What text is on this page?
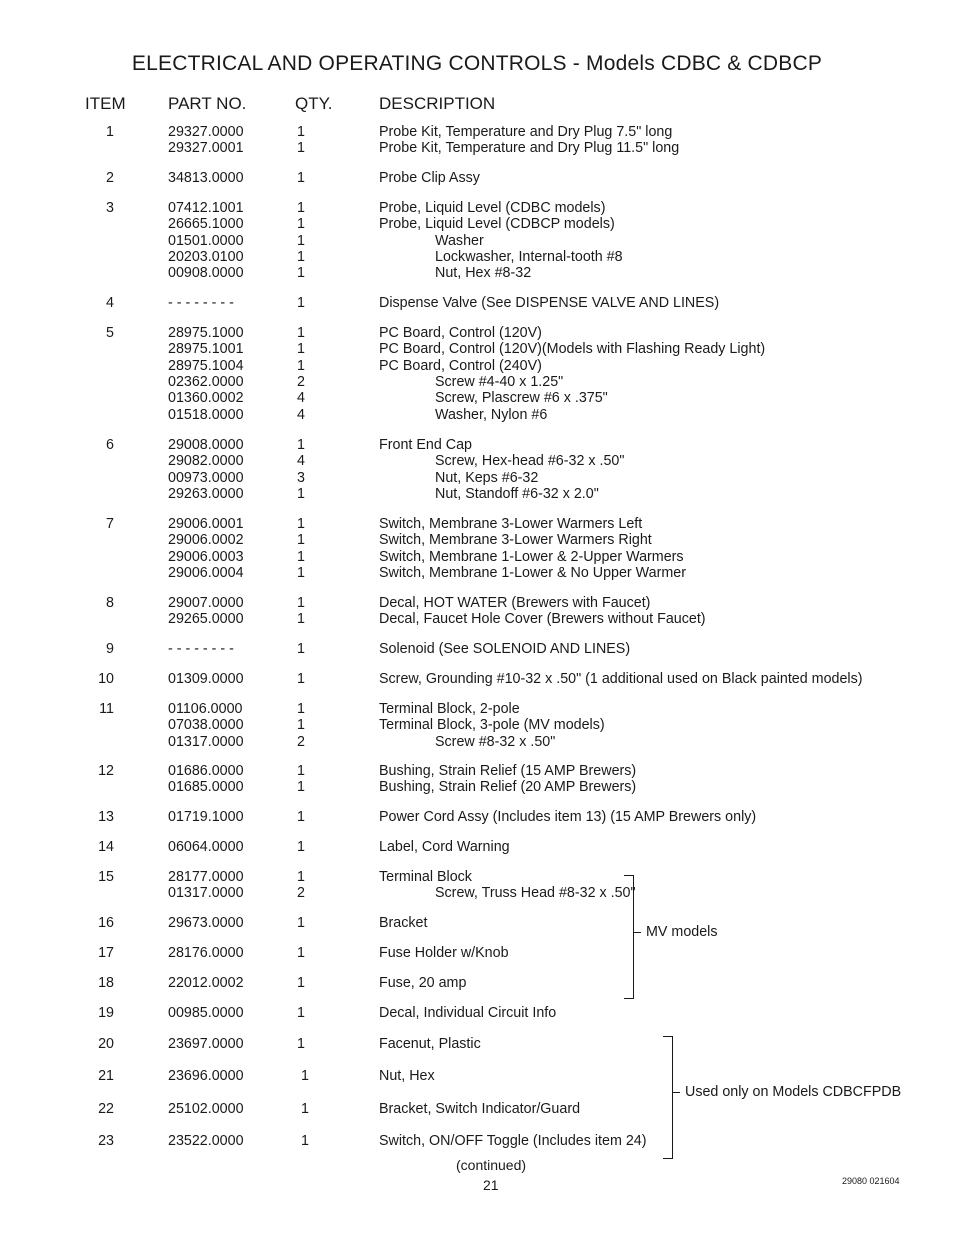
ELECTRICAL AND OPERATING CONTROLS - Models CDBC & CDBCP
ITEM PART NO.	QTY.	DESCRIPTION
1	29327.0000	1	Probe Kit, Temperature and Dry Plug 7.5" long
29327.0001	1	Probe Kit, Temperature and Dry Plug 11.5" long
2	34813.0000	1	Probe Clip Assy
3	07412.1001	1	Probe, Liquid Level (CDBC models)
26665.1000	1	Probe, Liquid Level (CDBCP models)
01501.0000	1	Washer
20203.0100	1	Lockwasher, Internal-tooth #8
00908.0000	1	Nut, Hex #8-32
4	- - - - - - - -	1	Dispense Valve (See DISPENSE VALVE AND LINES)
5	28975.1000	1	PC Board, Control (120V)
28975.1001	1	PC Board, Control (120V)(Models with Flashing Ready Light)
28975.1004	1	PC Board, Control (240V)
02362.0000	2	Screw #4-40 x 1.25"
01360.0002	4	Screw, Plascrew #6 x .375"
01518.0000	4	Washer, Nylon #6
6	29008.0000	1	Front End Cap
29082.0000	4	Screw, Hex-head #6-32 x .50"
00973.0000	3	Nut, Keps #6-32
29263.0000	1	Nut, Standoff #6-32 x 2.0"
7	29006.0001	1	Switch, Membrane 3-Lower Warmers Left
29006.0002	1	Switch, Membrane 3-Lower Warmers Right
29006.0003	1	Switch, Membrane 1-Lower & 2-Upper Warmers
29006.0004	1	Switch, Membrane 1-Lower & No Upper Warmer
8	29007.0000	1	Decal, HOT WATER (Brewers with Faucet)
29265.0000	1	Decal, Faucet Hole Cover (Brewers without Faucet)
9	- - - - - - - -	1	Solenoid (See SOLENOID AND LINES)
10	01309.0000	1	Screw, Grounding #10-32 x .50" (1 additional used on Black painted models)
11	01106.0000	1	Terminal Block, 2-pole
07038.0000	1	Terminal Block, 3-pole (MV models)
01317.0000	2	Screw #8-32 x .50"
12	01686.0000	1	Bushing, Strain Relief (15 AMP Brewers)
01685.0000	1	Bushing, Strain Relief (20 AMP Brewers)
13	01719.1000	1	Power Cord Assy (Includes item 13) (15 AMP Brewers only)
14	06064.0000	1	Label, Cord Warning
15	28177.0000	1	Terminal Block
01317.0000	2	Screw, Truss Head #8-32 x .50"
16	29673.0000	1	Bracket
17	28176.0000	1	Fuse Holder w/Knob
18	22012.0002	1	Fuse, 20 amp
19	00985.0000	1	Decal, Individual Circuit Info
20	23697.0000	1	Facenut, Plastic
21	23696.0000	1	Nut, Hex
22	25102.0000	1	Bracket, Switch Indicator/Guard
23	23522.0000	1	Switch, ON/OFF Toggle (Includes item 24)
MV models
Used only on Models CDBCFPDB
(continued)
21	29080 021604
